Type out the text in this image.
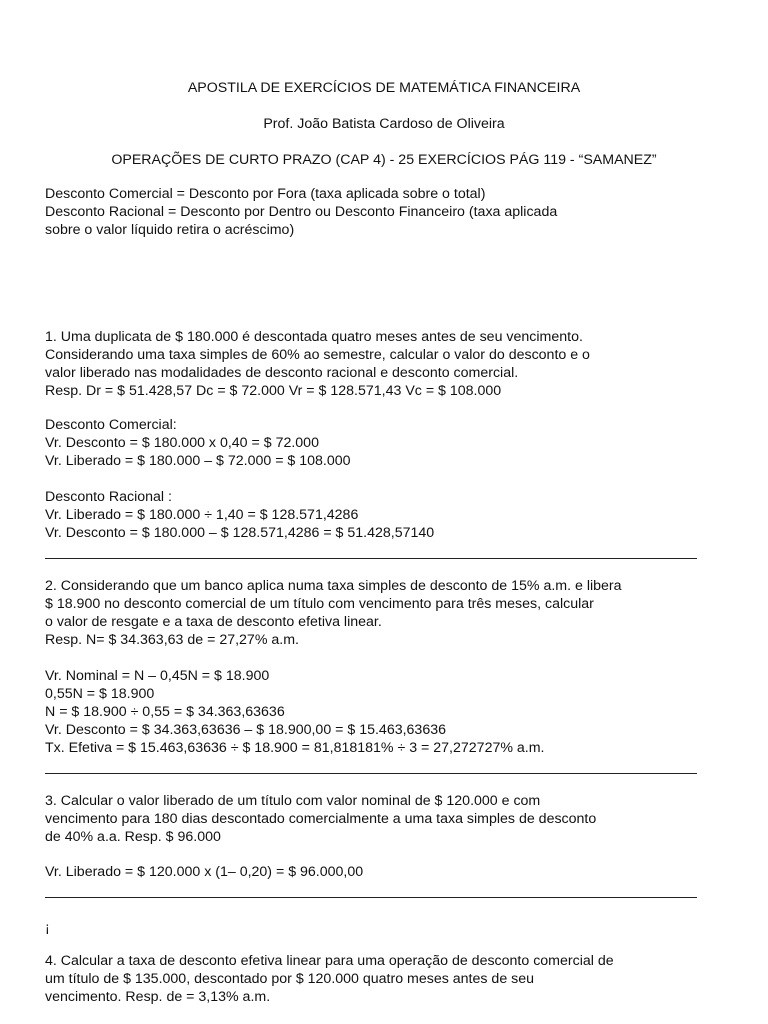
APOSTILA DE EXERCÍCIOS DE MATEMÁTICA FINANCEIRA
Prof. João Batista Cardoso de Oliveira
OPERAÇÕES DE CURTO PRAZO (CAP 4) - 25 EXERCÍCIOS PÁG 119 - “SAMANEZ”
Desconto Comercial = Desconto por Fora (taxa aplicada sobre o total)
Desconto Racional = Desconto por Dentro ou Desconto Financeiro (taxa aplicada
sobre o valor líquido retira o acréscimo)
1. Uma duplicata de $ 180.000 é descontada quatro meses antes de seu vencimento.
Considerando uma taxa simples de 60% ao semestre, calcular o valor do desconto e o
valor liberado nas modalidades de desconto racional e desconto comercial.
Resp. Dr = $ 51.428,57 Dc = $ 72.000 Vr = $ 128.571,43 Vc = $ 108.000
Desconto Comercial:
Vr. Desconto = $ 180.000 x 0,40 = $ 72.000
Vr. Liberado = $ 180.000 – $ 72.000 = $ 108.000
Desconto Racional :
Vr. Liberado = $ 180.000 ÷ 1,40 = $ 128.571,4286
Vr. Desconto = $ 180.000 – $ 128.571,4286 = $ 51.428,57140
2. Considerando que um banco aplica numa taxa simples de desconto de 15% a.m. e libera
$ 18.900 no desconto comercial de um título com vencimento para três meses, calcular
o valor de resgate e a taxa de desconto efetiva linear.
Resp. N= $ 34.363,63 de = 27,27% a.m.
Vr. Nominal = N – 0,45N = $ 18.900
0,55N = $ 18.900
N = $ 18.900 ÷ 0,55 = $ 34.363,63636
Vr. Desconto = $ 34.363,63636 – $ 18.900,00 = $ 15.463,63636
Tx. Efetiva = $ 15.463,63636 ÷ $ 18.900 = 81,818181% ÷ 3 = 27,272727% a.m.
3. Calcular o valor liberado de um título com valor nominal de $ 120.000 e com
vencimento para 180 dias descontado comercialmente a uma taxa simples de desconto
de 40% a.a. Resp. $ 96.000
Vr. Liberado = $ 120.000 x (1– 0,20) = $ 96.000,00
¡
4. Calcular a taxa de desconto efetiva linear para uma operação de desconto comercial de
um título de $ 135.000, descontado por $ 120.000 quatro meses antes de seu
vencimento. Resp. de = 3,13% a.m.
